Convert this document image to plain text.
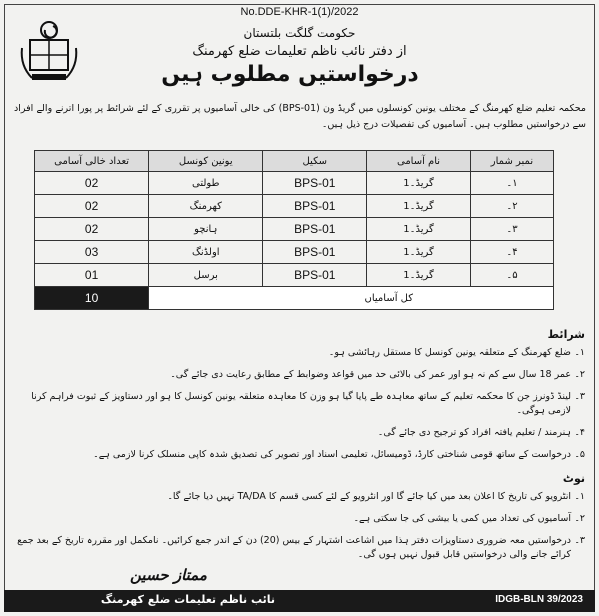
No.DDE-KHR-1(1)/2022
حکومت گلگت بلتستان
از دفتر نائب ناظم تعلیمات ضلع کھرمنگ
درخواستیں مطلوب ہیں
محکمہ تعلیم ضلع کھرمنگ کے مختلف یونین کونسلوں میں گریڈ ون (BPS-01) کی خالی آسامیوں پر تقرری کے لئے شرائط پر پورا اترنے والے افراد سے درخواستیں مطلوب ہیں۔ آسامیوں کی تفصیلات درج ذیل ہیں۔
تعداد خالی آسامی	یونین کونسل	سکیل	نام آسامی	نمبر شمار
02	طولتی	BPS-01	گریڈ۔1	۱۔
02	کھرمنگ	BPS-01	گریڈ۔1	۲۔
02	ہانچو	BPS-01	گریڈ۔1	۳۔
03	اولڈنگ	BPS-01	گریڈ۔1	۴۔
01	برسل	BPS-01	گریڈ۔1	۵۔
10	کل آسامیاں			
شرائط
۱۔
ضلع کھرمنگ کے متعلقہ یونین کونسل کا مستقل رہائشی ہو۔
۲۔
عمر 18 سال سے کم نہ ہو اور عمر کی بالائی حد میں قواعد وضوابط کے مطابق رعایت دی جائے گی۔
۳۔
لینڈ ڈونرز جن کا محکمہ تعلیم کے ساتھ معاہدہ طے پایا گیا ہو وزن کا معاہدہ متعلقہ یونین کونسل کا ہو اور دستاویز کے ثبوت فراہم کرنا لازمی ہوگی۔
۴۔
ہنرمند / تعلیم یافتہ افراد کو ترجیح دی جائے گی۔
۵۔
درخواست کے ساتھ قومی شناختی کارڈ، ڈومیسائل، تعلیمی اسناد اور تصویر کی تصدیق شدہ کاپی منسلک کرنا لازمی ہے۔
نوٹ
۱۔
انٹرویو کی تاریخ کا اعلان بعد میں کیا جائے گا اور انٹرویو کے لئے کسی قسم کا TA/DA نہیں دیا جائے گا۔
۲۔
آسامیوں کی تعداد میں کمی یا بیشی کی جا سکتی ہے۔
۳۔
درخواستیں معہ ضروری دستاویزات دفتر ہذا میں اشاعت اشتہار کے بیس (20) دن کے اندر جمع کرائیں۔ نامکمل اور مقررہ تاریخ کے بعد جمع کرائے جانے والی درخواستیں قابل قبول نہیں ہوں گی۔
ممتاز حسین
نائب ناظم تعلیمات ضلع کھرمنگ	IDGB-BLN 39/2023
